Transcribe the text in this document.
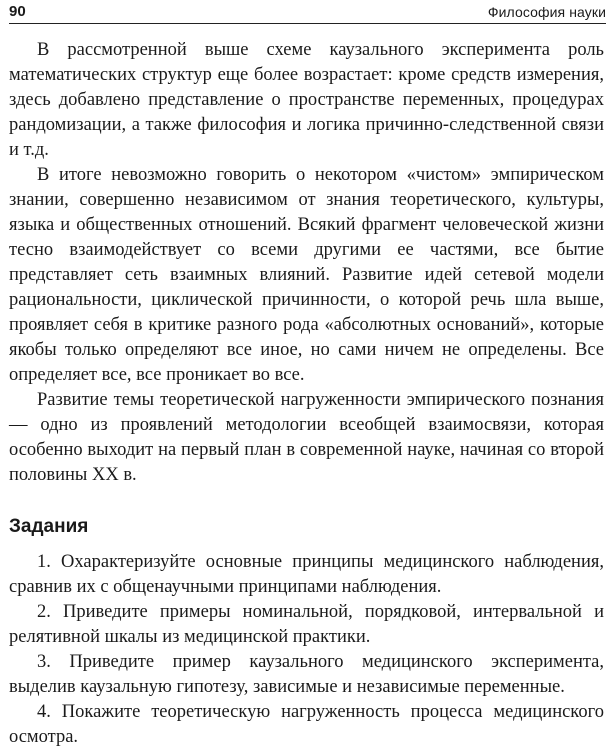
90	Философия науки

В рассмотренной выше схеме каузального эксперимента роль математических структур еще более возрастает: кроме средств измерения, здесь добавлено представление о пространстве переменных, процедурах рандомизации, а также философия и логика причинно-следственной связи и т.д.

В итоге невозможно говорить о некотором «чистом» эмпирическом знании, совершенно независимом от знания теоретического, культуры, языка и общественных отношений. Всякий фрагмент человеческой жизни тесно взаимодействует со всеми другими ее частями, все бытие представляет сеть взаимных влияний. Развитие идей сетевой модели рациональности, циклической причинности, о которой речь шла выше, проявляет себя в критике разного рода «абсолютных оснований», которые якобы только определяют все иное, но сами ничем не определены. Все определяет все, все проникает во все.

Развитие темы теоретической нагруженности эмпирического познания — одно из проявлений методологии всеобщей взаимосвязи, которая особенно выходит на первый план в современной науке, начиная со второй половины XX в.

Задания

1. Охарактеризуйте основные принципы медицинского наблюдения, сравнив их с общенаучными принципами наблюдения.

2. Приведите примеры номинальной, порядковой, интервальной и релятивной шкалы из медицинской практики.

3. Приведите пример каузального медицинского эксперимента, выделив каузальную гипотезу, зависимые и независимые переменные.

4. Покажите теоретическую нагруженность процесса медицинского осмотра.
